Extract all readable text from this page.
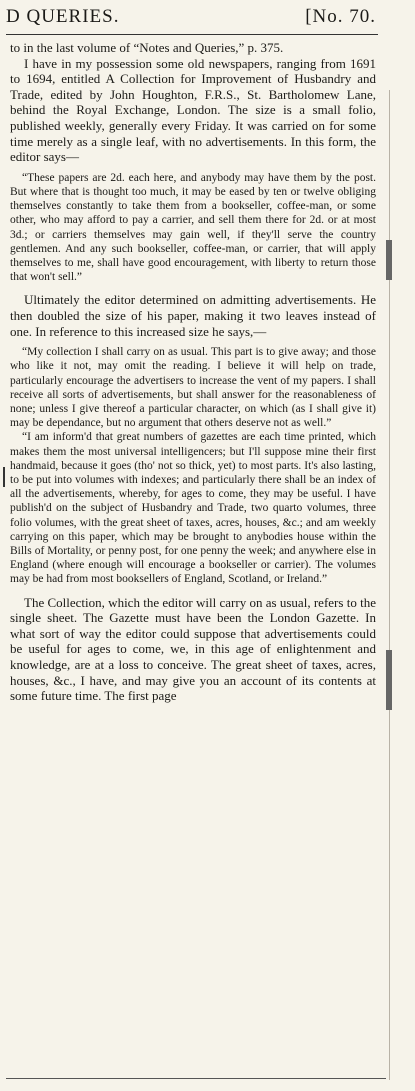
D QUERIES.	[No. 70.

to in the last volume of “Notes and Queries,” p. 375.

I have in my possession some old newspapers, ranging from 1691 to 1694, entitled A Collection for Improvement of Husbandry and Trade, edited by John Houghton, F.R.S., St. Bartholomew Lane, behind the Royal Exchange, London. The size is a small folio, published weekly, generally every Friday. It was carried on for some time merely as a single leaf, with no advertisements. In this form, the editor says—

“These papers are 2d. each here, and anybody may have them by the post. But where that is thought too much, it may be eased by ten or twelve obliging themselves constantly to take them from a bookseller, coffee-man, or some other, who may afford to pay a carrier, and sell them there for 2d. or at most 3d.; or carriers themselves may gain well, if they'll serve the country gentlemen. And any such bookseller, coffee-man, or carrier, that will apply themselves to me, shall have good encouragement, with liberty to return those that won't sell.”

Ultimately the editor determined on admitting advertisements. He then doubled the size of his paper, making it two leaves instead of one. In reference to this increased size he says,—

“My collection I shall carry on as usual. This part is to give away; and those who like it not, may omit the reading. I believe it will help on trade, particularly encourage the advertisers to increase the vent of my papers. I shall receive all sorts of advertisements, but shall answer for the reasonableness of none; unless I give thereof a particular character, on which (as I shall give it) may be dependance, but no argument that others deserve not as well.”

“I am inform'd that great numbers of gazettes are each time printed, which makes them the most universal intelligencers; but I'll suppose mine their first handmaid, because it goes (tho' not so thick, yet) to most parts. It's also lasting, to be put into volumes with indexes; and particularly there shall be an index of all the advertisements, whereby, for ages to come, they may be useful. I have publish'd on the subject of Husbandry and Trade, two quarto volumes, three folio volumes, with the great sheet of taxes, acres, houses, &c.; and am weekly carrying on this paper, which may be brought to anybodies house within the Bills of Mortality, or penny post, for one penny the week; and anywhere else in England (where enough will encourage a bookseller or carrier). The volumes may be had from most booksellers of England, Scotland, or Ireland.”

The Collection, which the editor will carry on as usual, refers to the single sheet. The Gazette must have been the London Gazette. In what sort of way the editor could suppose that advertisements could be useful for ages to come, we, in this age of enlightenment and knowledge, are at a loss to conceive. The great sheet of taxes, acres, houses, &c., I have, and may give you an account of its contents at some future time. The first page
